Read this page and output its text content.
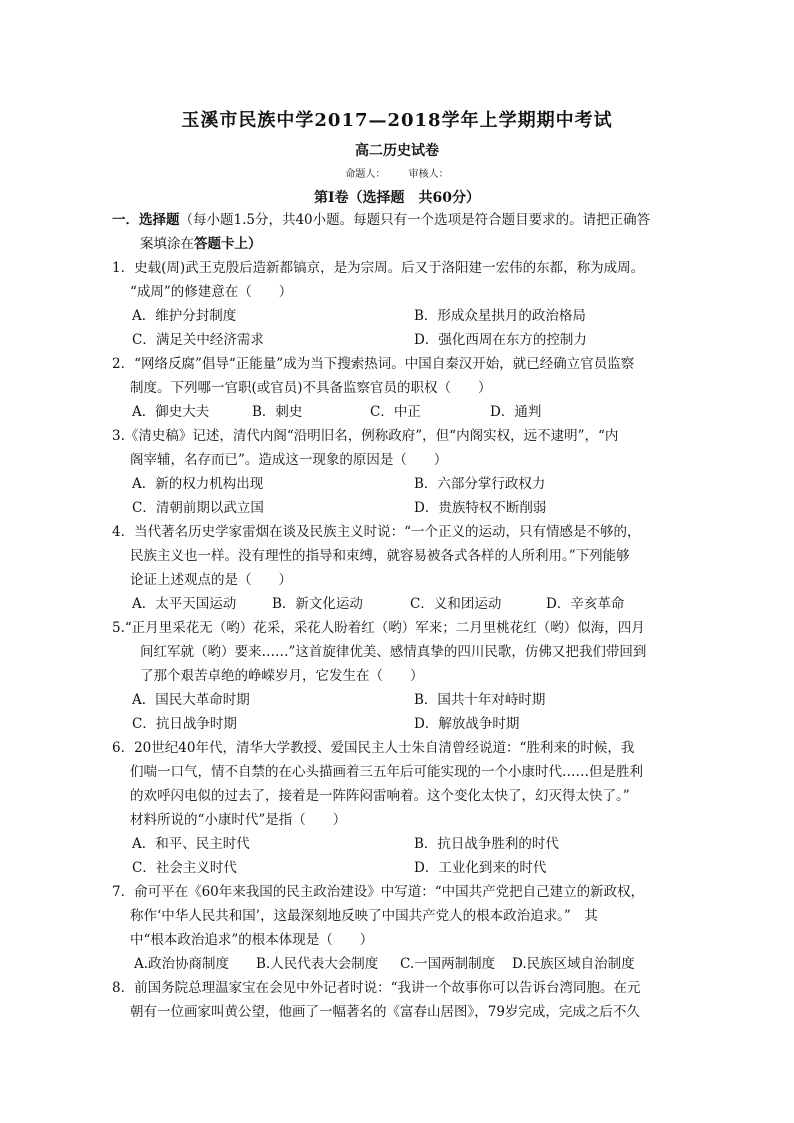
玉溪市民族中学2017—2018学年上学期期中考试
高二历史试卷
命题人： 审核人：
第Ⅰ卷（选择题　共60分）
一．选择题（每小题1.5分，共40小题。每题只有一个选项是符合题目要求的。请把正确答
案填涂在答题卡上）
1．史载(周)武王克殷后造新都镐京，是为宗周。后又于洛阳建一宏伟的东都，称为成周。
“成周”的修建意在（　　）
A．维护分封制度	B．形成众星拱月的政治格局
C．满足关中经济需求	D．强化西周在东方的控制力
2．“网络反腐”倡导“正能量”成为当下搜索热词。中国自秦汉开始，就已经确立官员监察
制度。下列哪一官职(或官员)不具备监察官员的职权（　　）
A．御史大夫	B．刺史	C．中正	D．通判
3.《清史稿》记述，清代内阁“沿明旧名，例称政府”，但“内阁实权，远不逮明”，“内
阁宰辅，名存而已”。造成这一现象的原因是（　　）
A．新的权力机构出现	B．六部分掌行政权力
C．清朝前期以武立国	D．贵族特权不断削弱
4．当代著名历史学家雷烟在谈及民族主义时说：“一个正义的运动，只有情感是不够的，
民族主义也一样。没有理性的指导和束缚，就容易被各式各样的人所利用。”下列能够
论证上述观点的是（　　）
A．太平天国运动	B．新文化运动	C．义和团运动	D．辛亥革命
5.“正月里采花无（哟）花采，采花人盼着红（哟）军来；二月里桃花红（哟）似海，四月
间红军就（哟）要来……”这首旋律优美、感情真挚的四川民歌，仿佛又把我们带回到
了那个艰苦卓绝的峥嵘岁月，它发生在（　　）
A．国民大革命时期	B．国共十年对峙时期
C．抗日战争时期	D．解放战争时期
6．20世纪40年代，清华大学教授、爱国民主人士朱自清曾经说道：“胜利来的时候，我
们喘一口气，情不自禁的在心头描画着三五年后可能实现的一个小康时代……但是胜利
的欢呼闪电似的过去了，接着是一阵阵闷雷响着。这个变化太快了，幻灭得太快了。”
材料所说的“小康时代”是指（　　）
A．和平、民主时代	B．抗日战争胜利的时代
C．社会主义时代	D．工业化到来的时代
7．俞可平在《60年来我国的民主政治建设》中写道：“中国共产党把自己建立的新政权，
称作‘中华人民共和国’，这最深刻地反映了中国共产党人的根本政治追求。”　其
中“根本政治追求”的根本体现是（　　）
A.政治协商制度 B.人民代表大会制度 C.一国两制制度 D.民族区域自治制度
8．前国务院总理温家宝在会见中外记者时说：“我讲一个故事你可以告诉台湾同胞。在元
朝有一位画家叫黄公望，他画了一幅著名的《富春山居图》，79岁完成，完成之后不久
